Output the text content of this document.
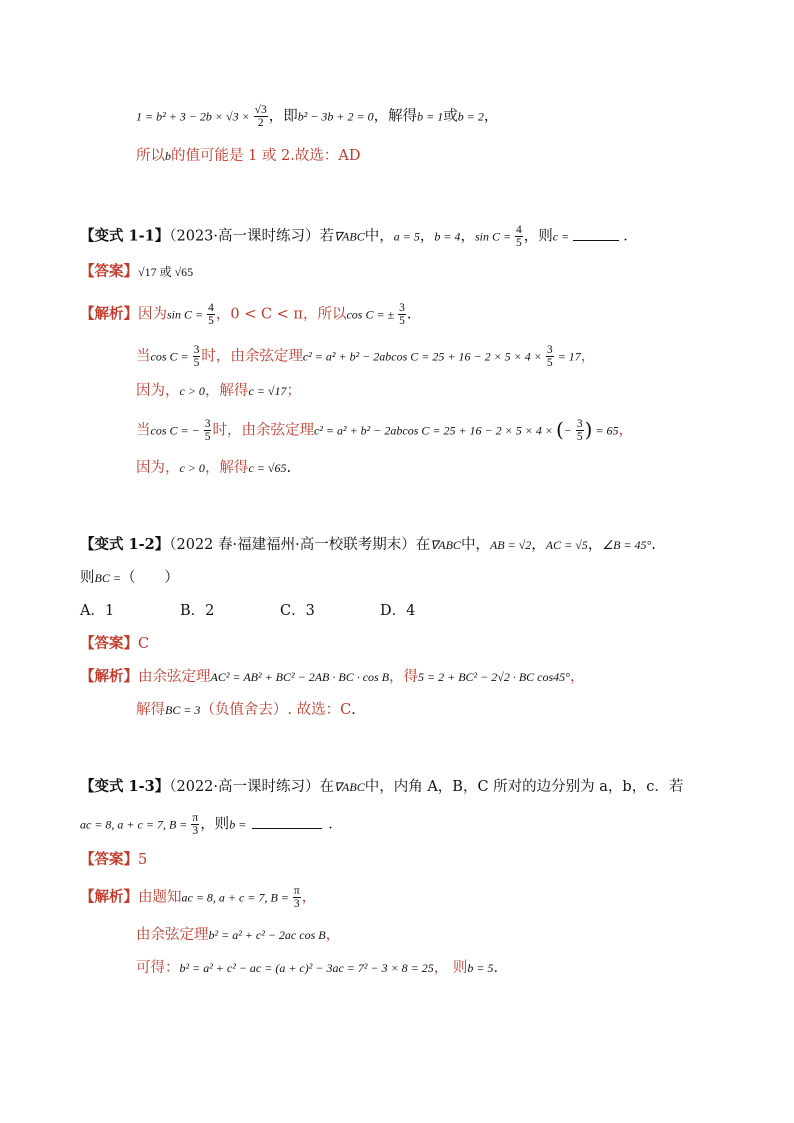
$1 = b^2 + 3 - 2b \times √3 \times \frac{√3}{2}$ ，即b² − 3b + 2 = 0，解得b = 1或b = 2，
所以b的值可能是 1 或 2.故选：AD
【变式 1-1】（2023·高一课时练习）若∇ABC中，a = 5，b = 4，$\sin C = \frac{4}{5}$ ，则c =	．
【答案】√17 或 √65
【解析】因为$\sin C = \frac{4}{5}$ ，0 < C < π，所以cos C = ± $\frac{3}{5}$ .
当$\cos C = \frac{3}{5}$ 时，由余弦定理c² = a² + b² − 2abcos $C = 25 + 16 - 2 \times 5 \times 4 \times \frac{3}{5} = 17$，
因为，c > 0，解得c = √17；
当cos C = − $\frac{3}{5}$ 时，由余弦定理c² = a² + b² − 2abcos C = 25 + 16 − 2 × 5 × 4 × (− $\frac{3}{5}$ ) = 65，
因为，c > 0，解得c = √65.
【变式 1-2】（2022 春·福建福州·高一校联考期末）在∇ABC中，AB = √2，AC = √5，∠B = 45°.
则BC =（　　）
A．1	B．2	C．3	D．4
【答案】C
【解析】由余弦定理AC² = AB² + BC² − 2AB · BC · cos B，得5 = 2 + BC² − 2√2 · BC cos45°，
解得BC = 3（负值舍去）. 故选：C．
【变式 1-3】（2022·高一课时练习）在∇ABC中，内角 A，B，C 所对的边分别为 a，b，c．若
ac = 8, a + c = 7, $B = \frac{\pi}{3}$ ，则b =	．
【答案】5
【解析】由题知ac = 8, a + c = 7, $B = \frac{\pi}{3}$ ，
由余弦定理b² = a² + c² − 2ac cos B，
可得：b² = a² + c² − ac = (a + c)² − 3ac = 7² − 3 × 8 = 25， 则b = 5．
